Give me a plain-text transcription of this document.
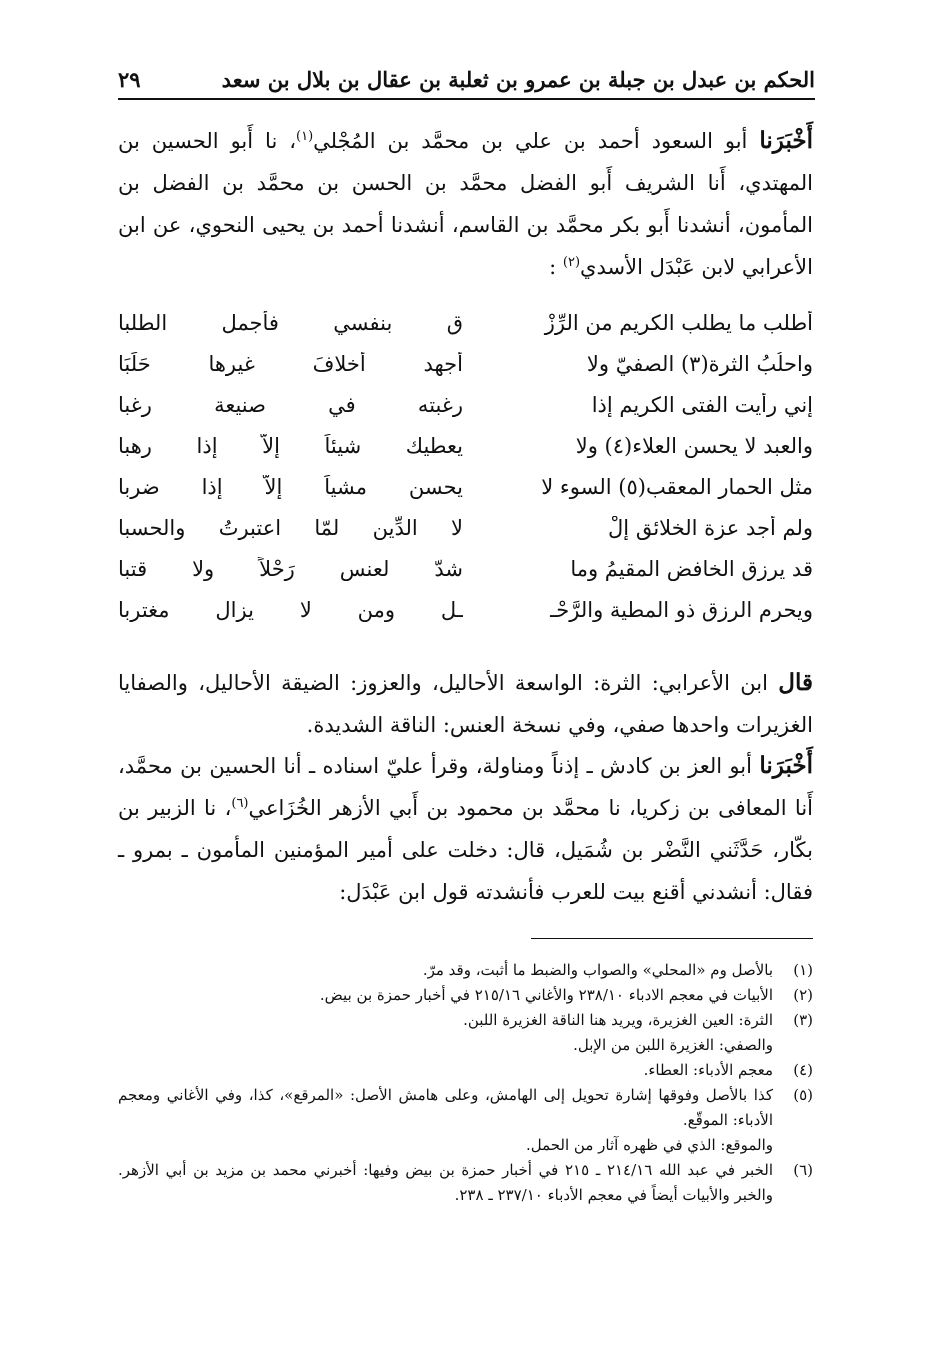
الحكم بن عبدل بن جبلة بن عمرو بن ثعلبة بن عقال بن بلال بن سعد
٢٩

أَخْبَرَنا أبو السعود أحمد بن علي بن محمَّد بن المُجْلي$^{(١)}$، نا أَبو الحسين بن المهتدي، أَنا الشريف أَبو الفضل محمَّد بن الحسن بن محمَّد بن الفضل بن المأمون، أنشدنا أَبو بكر محمَّد بن القاسم، أنشدنا أحمد بن يحيى النحوي، عن ابن الأعرابي لابن عَبْدَل الأسدي$^{(٢)}$ :

أطلب ما يطلب الكريم من الرِّزْ
ق بنفسي فأجمل الطلبا
واحلُبُ الثرة(٣) الصفيّ ولا
أجهد أخلافَ غيرها حَلَبَا
إني رأيت الفتى الكريم إذا
رغبته في صنيعة رغبا
والعبد لا يحسن العلاء(٤) ولا
يعطيك شيئاً إلاَّ إذا رهبا
مثل الحمار المعقب(٥) السوء لا
يحسن مشياً إلاَّ إذا ضربا
ولم أجد عزة الخلائق إلْ
لا الدِّين لمّا اعتبرتُ والحسبا
قد يرزق الخافض المقيمُ وما
شدّ لعنس رَحْلاً ولا قتبا
ويحرم الرزق ذو المطية والرَّحْـ
ـل ومن لا يزال مغتربا

قال ابن الأعرابي: الثرة: الواسعة الأحاليل، والعزوز: الضيقة الأحاليل، والصفايا الغزيرات واحدها صفي، وفي نسخة العنس: الناقة الشديدة.

أَخْبَرَنا أبو العز بن كادش ـ إذناً ومناولة، وقرأ عليّ اسناده ـ أنا الحسين بن محمَّد، أَنا المعافى بن زكريا، نا محمَّد بن محمود بن أَبي الأزهر الخُزَاعي$^{(٦)}$، نا الزبير بن بكّار، حَدَّثَني النَّضْر بن شُمَيل، قال: دخلت على أمير المؤمنين المأمون ـ بمرو ـ فقال: أنشدني أقنع بيت للعرب فأنشدته قول ابن عَبْدَل:

(١)
بالأصل وم «المحلي» والصواب والضبط ما أثبت، وقد مرّ.
(٢)
الأبيات في معجم الادباء ٢٣٨/١٠ والأغاني ٢١٥/١٦ في أخبار حمزة بن بيض.
(٣)
الثرة: العين الغزيرة، ويريد هنا الناقة الغزيرة اللبن.
والصفي: الغزيرة اللبن من الإبل.
(٤)
معجم الأدباء: العطاء.
(٥)
كذا بالأصل وفوقها إشارة تحويل إلى الهامش، وعلى هامش الأصل: «المرقع»، كذا، وفي الأغاني ومعجم الأدباء: الموقّع.
والموقع: الذي في ظهره آثار من الحمل.
(٦)
الخبر في عبد الله ٢١٤/١٦ ـ ٢١٥ في أخبار حمزة بن بيض وفيها: أخبرني محمد بن مزيد بن أبي الأزهر. والخبر والأبيات أيضاً في معجم الأدباء ٢٣٧/١٠ ـ ٢٣٨.
